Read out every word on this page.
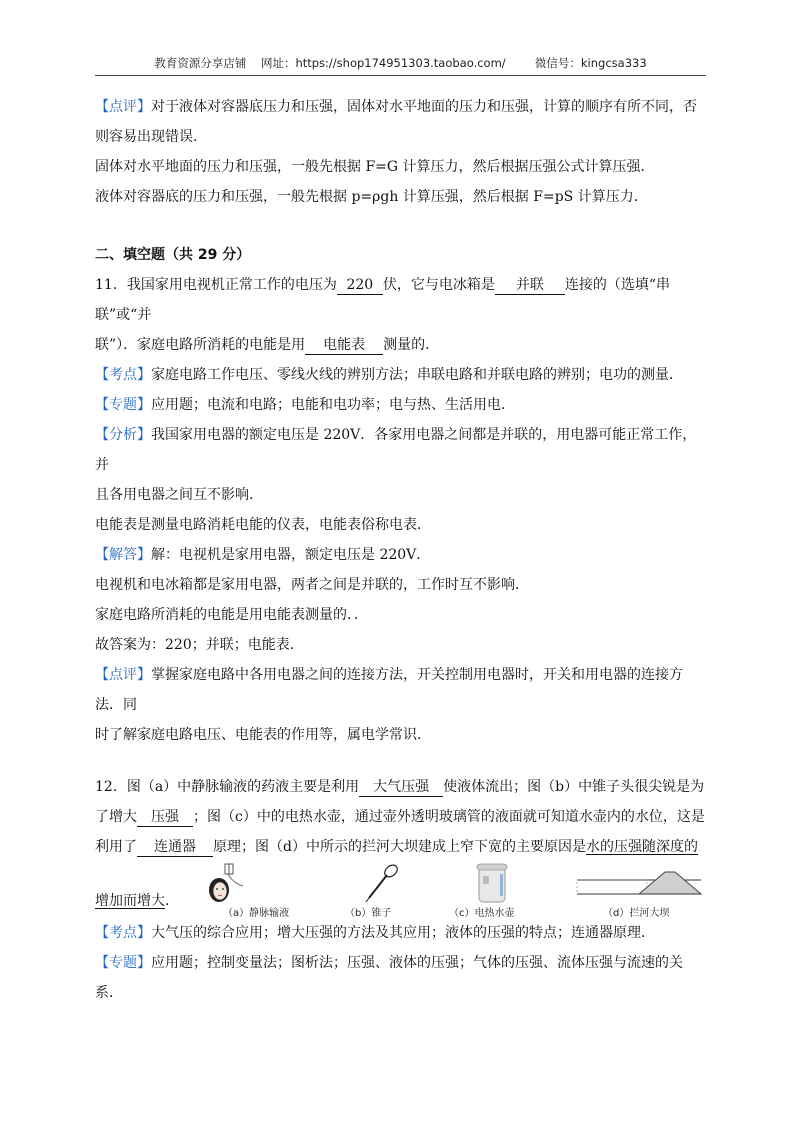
教育资源分享店铺    网址：https://shop174951303.taobao.com/        微信号：kingcsa333

【点评】对于液体对容器底压力和压强，固体对水平地面的压力和压强，计算的顺序有所不同，否

则容易出现错误．

固体对水平地面的压力和压强，一般先根据 F=G 计算压力，然后根据压强公式计算压强．

液体对容器底的压力和压强，一般先根据 p=ρgh 计算压强，然后根据 F=pS 计算压力．

二、填空题（共 29 分）

11．我国家用电视机正常工作的电压为 220 伏，它与电冰箱是 并联 连接的（选填“串联”或“并

联”）．家庭电路所消耗的电能是用 电能表 测量的．

【考点】家庭电路工作电压、零线火线的辨别方法；串联电路和并联电路的辨别；电功的测量．

【专题】应用题；电流和电路；电能和电功率；电与热、生活用电．

【分析】我国家用电器的额定电压是 220V．各家用电器之间都是并联的，用电器可能正常工作，并

且各用电器之间互不影响．

电能表是测量电路消耗电能的仪表，电能表俗称电表．

【解答】解：电视机是家用电器，额定电压是 220V．

电视机和电冰箱都是家用电器，两者之间是并联的，工作时互不影响．

家庭电路所消耗的电能是用电能表测量的．．

故答案为：220；并联；电能表．

【点评】掌握家庭电路中各用电器之间的连接方法，开关控制用电器时，开关和用电器的连接方法．同

时了解家庭电路电压、电能表的作用等，属电学常识．

12．图（a）中静脉输液的药液主要是利用 大气压强 使液体流出；图（b）中锥子头很尖锐是为

了增大 压强 ；图（c）中的电热水壶，通过壶外透明玻璃管的液面就可知道水壶内的水位，这是

利用了 连通器 原理；图（d）中所示的拦河大坝建成上窄下宽的主要原因是水的压强随深度的

增加而增大．
（a）静脉输液	（b）锥子	（c）电热水壶	（d）拦河大坝

【考点】大气压的综合应用；增大压强的方法及其应用；液体的压强的特点；连通器原理．

【专题】应用题；控制变量法；图析法；压强、液体的压强；气体的压强、流体压强与流速的关系．
